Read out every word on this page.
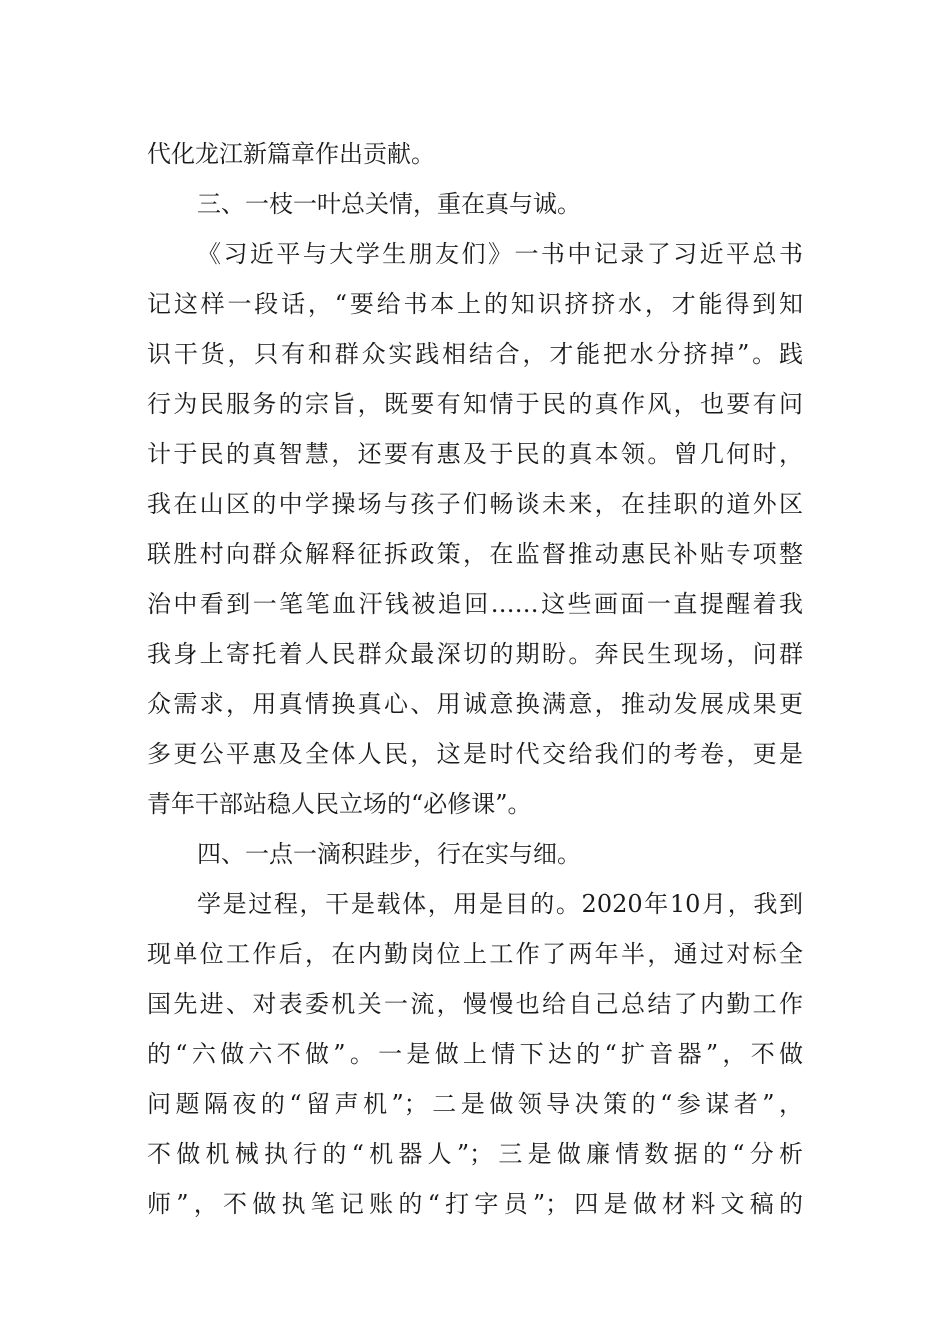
代化龙江新篇章作出贡献。
三、一枝一叶总关情，重在真与诚。
《习近平与大学生朋友们》一书中记录了习近平总书
记这样一段话，“要给书本上的知识挤挤水，才能得到知
识干货，只有和群众实践相结合，才能把水分挤掉”。践
行为民服务的宗旨，既要有知情于民的真作风，也要有问
计于民的真智慧，还要有惠及于民的真本领。曾几何时，
我在山区的中学操场与孩子们畅谈未来，在挂职的道外区
联胜村向群众解释征拆政策，在监督推动惠民补贴专项整
治中看到一笔笔血汗钱被追回……这些画面一直提醒着我
我身上寄托着人民群众最深切的期盼。奔民生现场，问群
众需求，用真情换真心、用诚意换满意，推动发展成果更
多更公平惠及全体人民，这是时代交给我们的考卷，更是
青年干部站稳人民立场的“必修课”。
四、一点一滴积跬步，行在实与细。
学是过程，干是载体，用是目的。2020年10月，我到
现单位工作后，在内勤岗位上工作了两年半，通过对标全
国先进、对表委机关一流，慢慢也给自己总结了内勤工作
的“六做六不做”。一是做上情下达的“扩音器”，不做
问题隔夜的“留声机”；二是做领导决策的“参谋者”，
不做机械执行的“机器人”；三是做廉情数据的“分析
师”，不做执笔记账的“打字员”；四是做材料文稿的
